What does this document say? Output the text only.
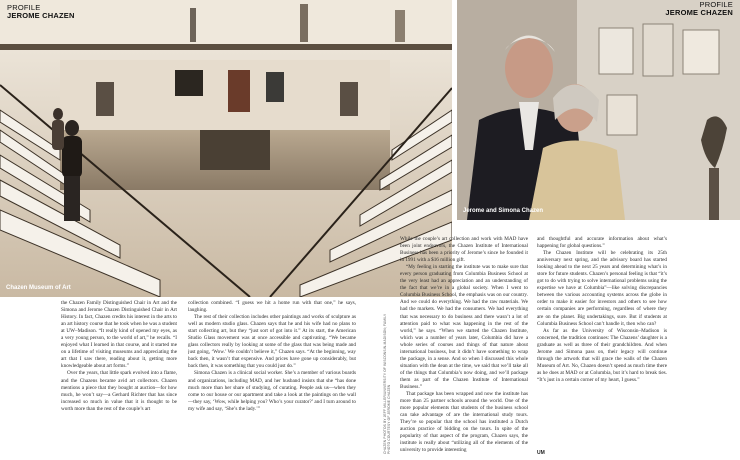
Chazen Museum of Art
PROFILE
JEROME CHAZEN
Jerome and Simona Chazen
PROFILE
JEROME CHAZEN
CHAZEN PHOTOS BY JEFF MILLER/UNIVERSITY OF WISCONSIN-MADISON; FAMILY PHOTO COURTESY OF JEROME CHAZEN

the Chazen Family Distinguished Chair in Art and the Simona and Jerome Chazen Distinguished Chair in Art History. In fact, Chazen credits his interest in the arts to an art history course that he took when he was a student at UW–Madison. “It really kind of opened my eyes, as a very young person, to the world of art,” he recalls. “I enjoyed what I learned in that course, and it started me on a lifetime of visiting museums and appreciating the art that I saw there, reading about it, getting more knowledgeable about art forms.”

Over the years, that little spark evolved into a flame, and the Chazens became avid art collectors. Chazen mentions a piece that they bought at auction—for how much, he won’t say—a Gerhard Richter that has since increased so much in value that it is thought to be worth more than the rest of the couple’s art

collection combined. “I guess we hit a home run with that one,” he says, laughing.

The rest of their collection includes other paintings and works of sculpture as well as modern studio glass. Chazen says that he and his wife had no plans to start collecting art, but they “just sort of got into it.” At its start, the American Studio Glass movement was at once accessible and captivating. “We became glass collectors really by looking at some of the glass that was being made and just going, ‘Wow.’ We couldn’t believe it,” Chazen says. “At the beginning, way back then, it wasn’t that expensive. And prices have gone up considerably, but back then, it was something that you could just do.”

Simona Chazen is a clinical social worker. She’s a member of various boards and organizations, including MAD, and her husband insists that she “has done much more than her share of studying, of curating. People ask us—when they come to our house or our apartment and take a look at the paintings on the wall—they say, ‘Wow, while helping you? Who’s your curator?’ and I turn around to my wife and say, ‘She’s the lady.’”

While the couple’s art collection and work with MAD have been joint endeavors, the Chazen Institute of International Business has been a priority of Jerome’s since he founded it in 1991 with a $16 million gift.

“My feeling in starting the institute was to make sure that every person graduating from Columbia Business School at the very least had an appreciation and an understanding of the fact that we’re in a global society. When I went to Columbia Business School, the emphasis was on our country. And we could do everything. We had the raw materials. We had the markets. We had the consumers. We had everything that was necessary to do business and there wasn’t a lot of attention paid to what was happening in the rest of the world,” he says. “When we started the Chazen Institute, which was a number of years later, Columbia did have a whole series of courses and things of that nature about international business, but it didn’t have something to wrap the package, in a sense. And so when I discussed this whole situation with the dean at the time, we said that we’ll take all of the things that Columbia’s now doing, and we’ll package them as part of the Chazen Institute of International Business.”

That package has been wrapped and now the institute has more than 25 partner schools around the world. One of the more popular elements that students of the business school can take advantage of are the international study tours. They’re so popular that the school has instituted a Dutch auction practice of bidding on the tours. In spite of the popularity of that aspect of the program, Chazen says, the institute is really about “utilizing all of the elements of the university to provide interesting

and thoughtful and accurate information about what’s happening for global questions.”

The Chazen Institute will be celebrating its 25th anniversary next spring, and the advisory board has started looking ahead to the next 25 years and determining what’s in store for future students. Chazen’s personal feeling is that “it’s got to do with trying to solve international problems using the expertise we have at Columbia”—like solving discrepancies between the various accounting systems across the globe in order to make it easier for investors and others to see how certain companies are performing, regardless of where they are on the planet. Big undertakings, sure. But if students at Columbia Business School can’t handle it, then who can?

As far as the University of Wisconsin–Madison is concerned, the tradition continues: The Chazens’ daughter is a graduate as well as three of their grandchildren. And when Jerome and Simona pass on, their legacy will continue through the artwork that will grace the walls of the Chazen Museum of Art. No, Chazen doesn’t spend as much time there as he does at MAD or at Columbia, but it’s hard to break ties. “It’s just in a certain corner of my heart, I guess.”

UM
